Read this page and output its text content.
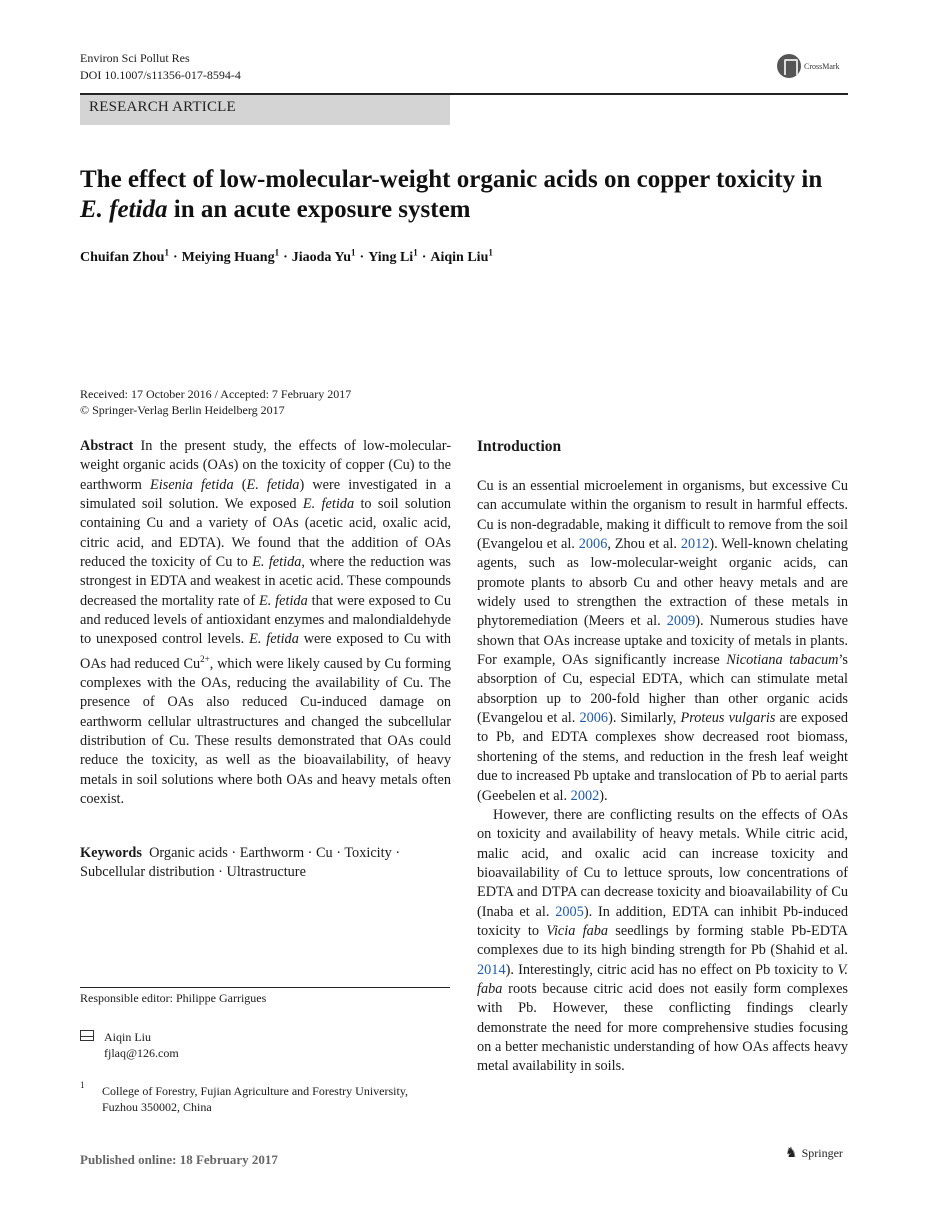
Environ Sci Pollut Res
DOI 10.1007/s11356-017-8594-4
CrossMark
RESEARCH ARTICLE
The effect of low-molecular-weight organic acids on copper toxicity in E. fetida in an acute exposure system
Chuifan Zhou$^1$ · Meiying Huang$^1$ · Jiaoda $Yu^1$ · Ying $Li^1$ · Aiqin Liu$^1$
Received: 17 October 2016 / Accepted: 7 February 2017
© Springer-Verlag Berlin Heidelberg 2017

Abstract In the present study, the effects of low-molecular-weight organic acids (OAs) on the toxicity of copper (Cu) to the earthworm Eisenia fetida (E. fetida) were investigated in a simulated soil solution. We exposed E. fetida to soil solution containing Cu and a variety of OAs (acetic acid, oxalic acid, citric acid, and EDTA). We found that the addition of OAs reduced the toxicity of Cu to E. fetida, where the reduction was strongest in EDTA and weakest in acetic acid. These compounds decreased the mortality rate of E. fetida that were exposed to Cu and reduced levels of antioxidant enzymes and malondialdehyde to unexposed control levels. E. fetida were exposed to Cu with OAs had reduced $Cu^{2+}$, which were likely caused by Cu forming complexes with the OAs, reducing the availability of Cu. The presence of OAs also reduced Cu-induced damage on earthworm cellular ultrastructures and changed the subcellular distribution of Cu. These results demonstrated that OAs could reduce the toxicity, as well as the bioavailability, of heavy metals in soil solutions where both OAs and heavy metals often coexist.

Keywords Organic acids · Earthworm · Cu · Toxicity · Subcellular distribution · Ultrastructure
Responsible editor: Philippe Garrigues
Aiqin Liu
fjlaq@126.com
1 College of Forestry, Fujian Agriculture and Forestry University,
Fuzhou 350002, China
Introduction

Cu is an essential microelement in organisms, but excessive Cu can accumulate within the organism to result in harmful effects. Cu is non-degradable, making it difficult to remove from the soil (Evangelou et al. 2006, Zhou et al. 2012). Well-known chelating agents, such as low-molecular-weight organic acids, can promote plants to absorb Cu and other heavy metals and are widely used to strengthen the extraction of these metals in phytoremediation (Meers et al. 2009). Numerous studies have shown that OAs increase uptake and toxicity of metals in plants. For example, OAs significantly increase Nicotiana tabacum’s absorption of Cu, especial EDTA, which can stimulate metal absorption up to 200-fold higher than other organic acids (Evangelou et al. 2006). Similarly, Proteus vulgaris are exposed to Pb, and EDTA complexes show decreased root biomass, shortening of the stems, and reduction in the fresh leaf weight due to increased Pb uptake and translocation of Pb to aerial parts (Geebelen et al. 2002).

However, there are conflicting results on the effects of OAs on toxicity and availability of heavy metals. While citric acid, malic acid, and oxalic acid can increase toxicity and bioavailability of Cu to lettuce sprouts, low concentrations of EDTA and DTPA can decrease toxicity and bioavailability of Cu (Inaba et al. 2005). In addition, EDTA can inhibit Pb-induced toxicity to Vicia faba seedlings by forming stable Pb-EDTA complexes due to its high binding strength for Pb (Shahid et al. 2014). Interestingly, citric acid has no effect on Pb toxicity to V. faba roots because citric acid does not easily form complexes with Pb. However, these conflicting findings clearly demonstrate the need for more comprehensive studies focusing on a better mechanistic understanding of how OAs affects heavy metal availability in soils.

Published online: 18 February 2017	♞ Springer
